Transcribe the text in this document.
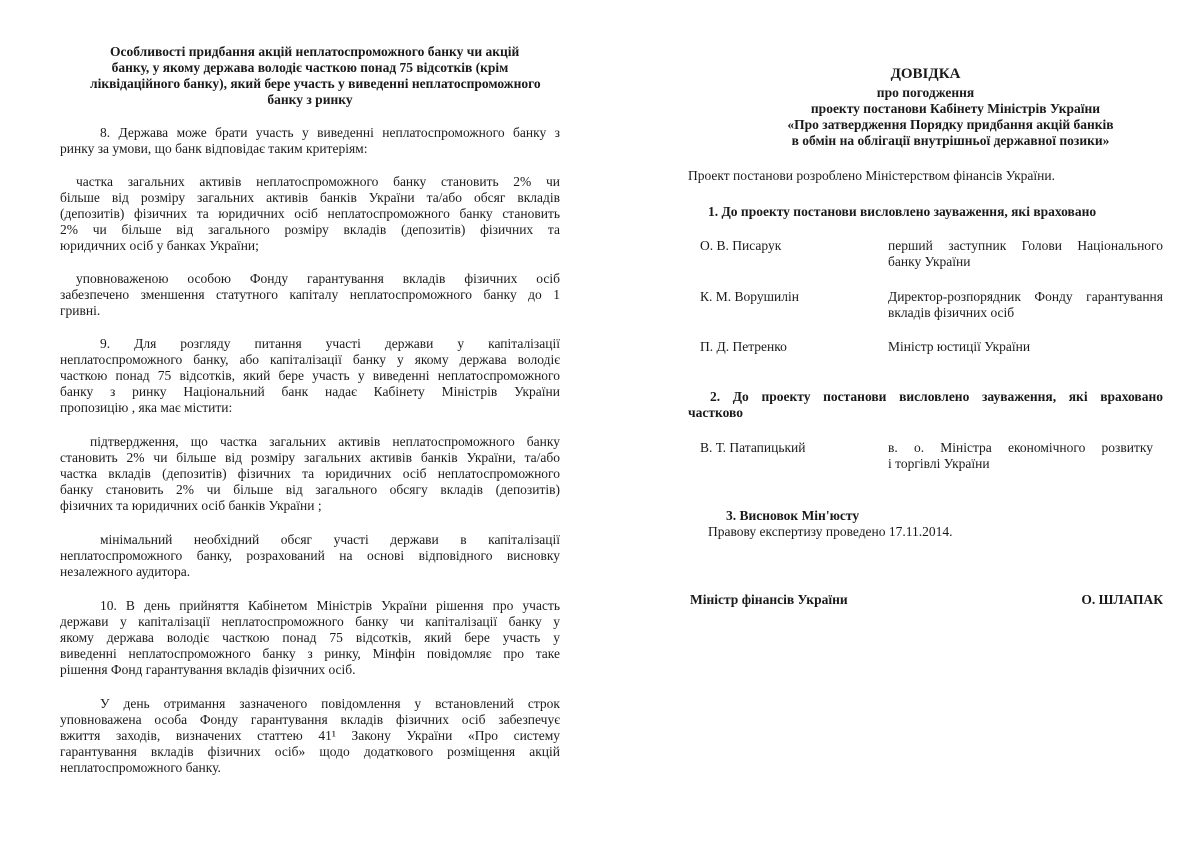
Особливості придбання акцій неплатоспроможного банку чи акцій
банку, у якому держава володіє часткою понад 75 відсотків (крім
ліквідаційного банку), який бере участь у виведенні неплатоспроможного
банку з ринку
8. Держава може брати участь у виведенні неплатоспроможного банку з
ринку за умови, що банк відповідає таким критеріям:
частка загальних активів неплатоспроможного банку становить 2% чи
більше від розміру загальних активів банків України та/або обсяг вкладів
(депозитів) фізичних та юридичних осіб неплатоспроможного банку становить
2% чи більше від загального розміру вкладів (депозитів) фізичних та
юридичних осіб у банках України;
уповноваженою особою Фонду гарантування вкладів фізичних осіб
забезпечено зменшення статутного капіталу неплатоспроможного банку до 1
гривні.
9. Для розгляду питання участі держави у капіталізації
неплатоспроможного банку, або капіталізації банку у якому держава володіє
часткою понад 75 відсотків, який бере участь у виведенні неплатоспроможного
банку з ринку Національний банк надає Кабінету Міністрів України
пропозицію , яка має містити:
підтвердження, що частка загальних активів неплатоспроможного банку
становить 2% чи більше від розміру загальних активів банків України, та/або
частка вкладів (депозитів) фізичних та юридичних осіб неплатоспроможного
банку становить 2% чи більше від загального обсягу вкладів (депозитів)
фізичних та юридичних осіб банків України ;
мінімальний необхідний обсяг участі держави в капіталізації
неплатоспроможного банку, розрахований на основі відповідного висновку
незалежного аудитора.
10. В день прийняття Кабінетом Міністрів України рішення про участь
держави у капіталізації неплатоспроможного банку чи капіталізації банку у
якому держава володіє часткою понад 75 відсотків, який бере участь у
виведенні неплатоспроможного банку з ринку, Мінфін повідомляє про таке
рішення Фонд гарантування вкладів фізичних осіб.
У день отримання зазначеного повідомлення у встановлений строк
уповноважена особа Фонду гарантування вкладів фізичних осіб забезпечує
вжиття заходів, визначених статтею 41¹ Закону України «Про систему
гарантування вкладів фізичних осіб» щодо додаткового розміщення акцій
неплатоспроможного банку.
ДОВІДКА
про погодження
проекту постанови Кабінету Міністрів України
«Про затвердження Порядку придбання акцій банків
в обмін на облігації внутрішньої державної позики»
Проект постанови розроблено Міністерством фінансів України.
1. До проекту постанови висловлено зауваження, які враховано
О. В. Писарук	перший заступник Голови Національного
банку України
К. М. Ворушилін	Директор-розпорядник Фонду гарантування
вкладів фізичних осіб
П. Д. Петренко	Міністр юстиції України
2. До проекту постанови висловлено зауваження, які враховано
частково
В. Т. Патапицький	в. о. Міністра економічного розвитку
і торгівлі України
3. Висновок Мін'юсту
Правову експертизу проведено 17.11.2014.
Міністр фінансів України	О. ШЛАПАК
